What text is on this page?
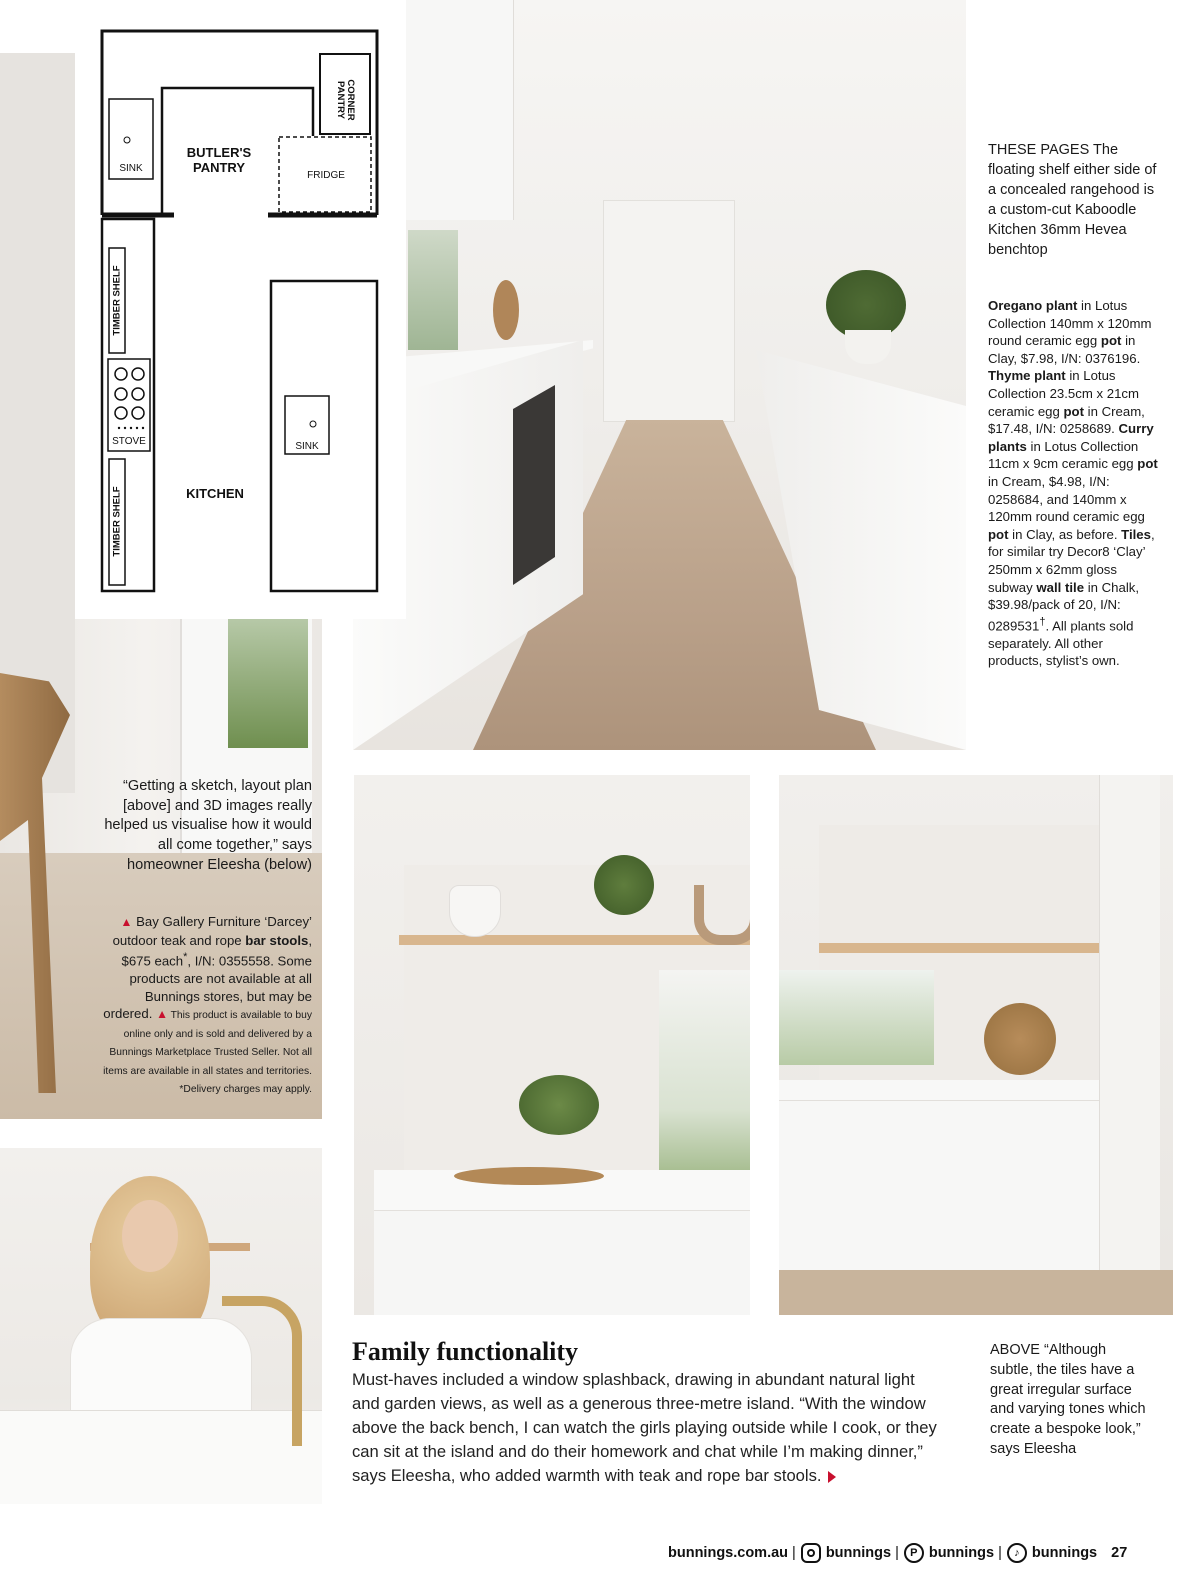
CORNER PANTRY
SINK
BUTLER'S PANTRY
FRIDGE
TIMBER SHELF
STOVE	SINK
KITCHEN
TIMBER SHELF
THESE PAGES The floating shelf either side of a concealed rangehood is a custom-cut Kaboodle Kitchen 36mm Hevea benchtop
Oregano plant in Lotus Collection 140mm x 120mm round ceramic egg pot in Clay, $7.98, I/N: 0376196. Thyme plant in Lotus Collection 23.5cm x 21cm ceramic egg pot in Cream, $17.48, I/N: 0258689. Curry plants in Lotus Collection 11cm x 9cm ceramic egg pot in Cream, $4.98, I/N: 0258684, and 140mm x 120mm round ceramic egg pot in Clay, as before. Tiles, for similar try Decor8 ‘Clay’ 250mm x 62mm gloss subway wall tile in Chalk, $39.98/pack of 20, I/N: 0289531†. All plants sold separately. All other products, stylist’s own.
“Getting a sketch, layout plan [above] and 3D images really helped us visualise how it would all come together,” says homeowner Eleesha (below)
▲ Bay Gallery Furniture ‘Darcey’ outdoor teak and rope bar stools, $675 each*, I/N: 0355558. Some products are not available at all Bunnings stores, but may be ordered. ▲ This product is available to buy online only and is sold and delivered by a Bunnings Marketplace Trusted Seller. Not all items are available in all states and territories. *Delivery charges may apply.
Family functionality
Must-haves included a window splashback, drawing in abundant natural light and garden views, as well as a generous three-metre island. “With the window above the back bench, I can watch the girls playing outside while I cook, or they can sit at the island and do their homework and chat while I’m making dinner,” says Eleesha, who added warmth with teak and rope bar stools.
ABOVE “Although subtle, the tiles have a great irregular surface and varying tones which create a bespoke look,” says Eleesha
bunnings.com.au | bunnings |	P bunnings |	♪ bunnings 27
